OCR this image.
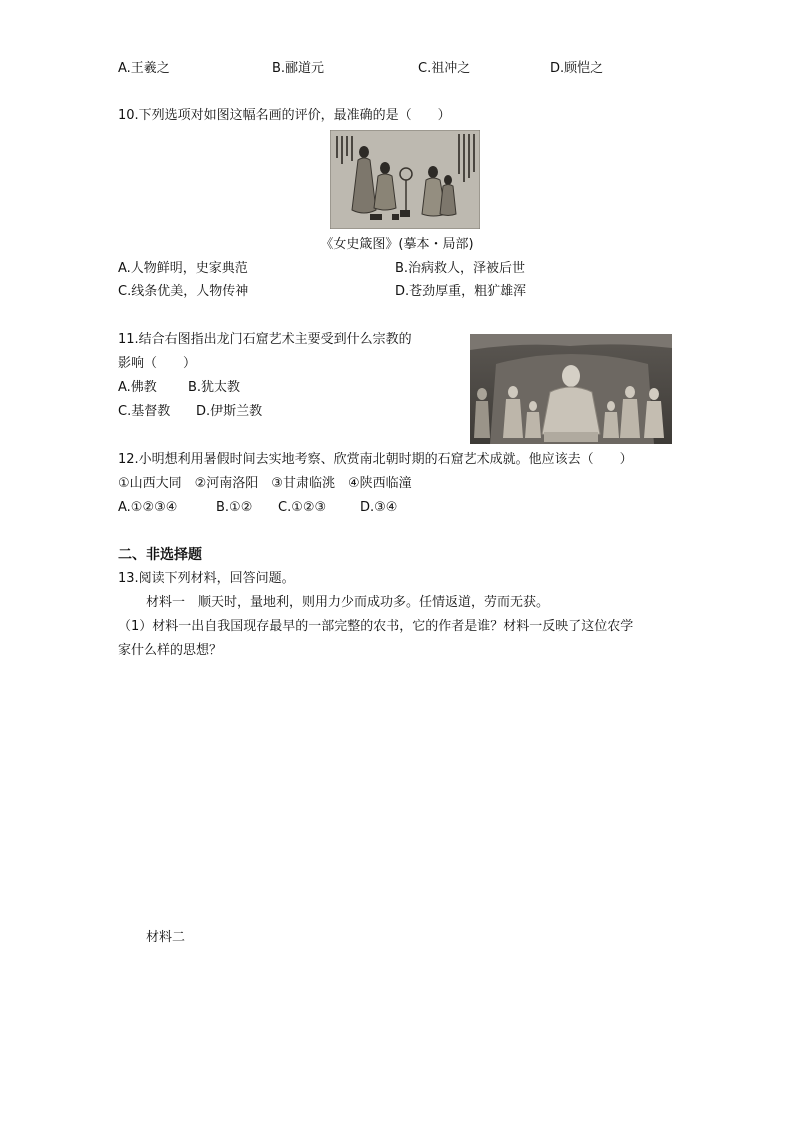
A.王羲之	B.郦道元	C.祖冲之	D.顾恺之
10.下列选项对如图这幅名画的评价，最准确的是（　　）
《女史箴图》(摹本・局部)
A.人物鲜明，史家典范	B.治病救人，泽被后世
C.线条优美，人物传神	D.苍劲厚重，粗犷雄浑
11.结合右图指出龙门石窟艺术主要受到什么宗教的
影响（　　）
A.佛教 B.犹太教
C.基督教 D.伊斯兰教
12.小明想利用暑假时间去实地考察、欣赏南北朝时期的石窟艺术成就。他应该去（　　）
①山西大同　②河南洛阳　③甘肃临洮　④陕西临潼
A.①②③④	B.①② C.①②③	D.③④
二、非选择题
13.阅读下列材料，回答问题。
材料一　顺天时，量地利，则用力少而成功多。任情返道，劳而无获。
（1）材料一出自我国现存最早的一部完整的农书，它的作者是谁？材料一反映了这位农学
家什么样的思想？
材料二
